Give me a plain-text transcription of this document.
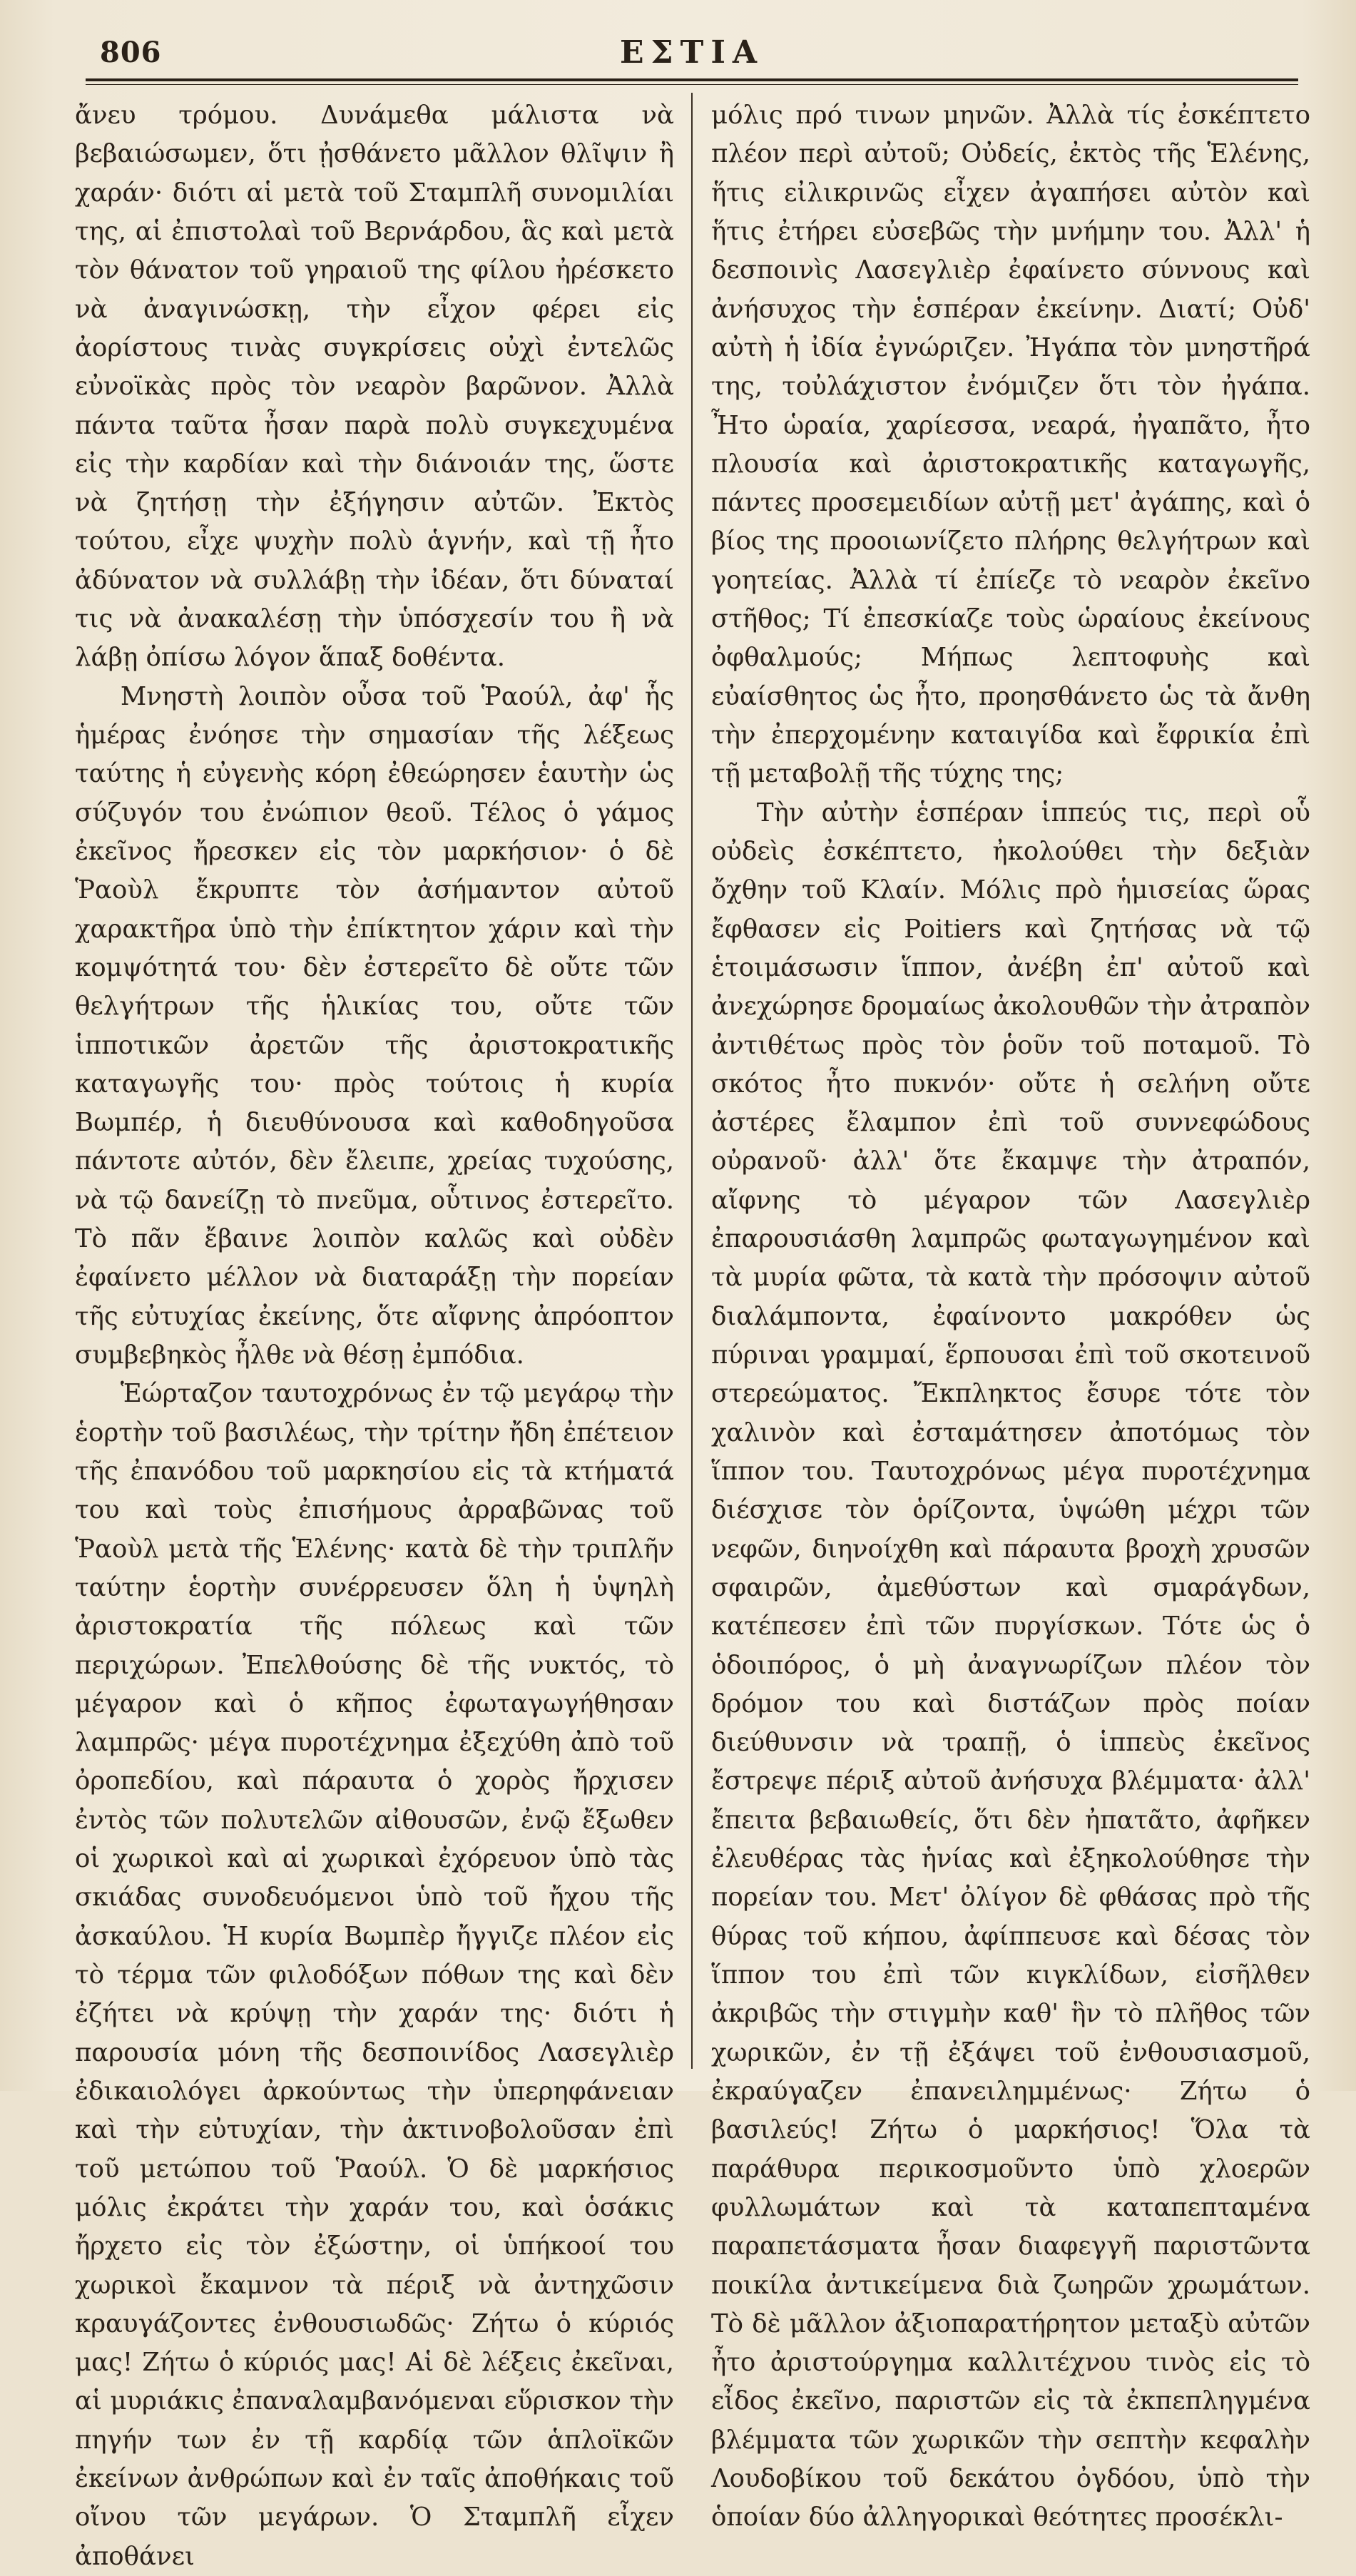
806	ΕΣΤΙΑ

ἄνευ τρόμου. Δυνάμεθα μάλιστα νὰ βεβαιώσωμεν, ὅτι ᾐσθάνετο μᾶλλον θλῖψιν ἢ χαράν· διότι αἱ μετὰ τοῦ Σταμπλῆ συνομιλίαι της, αἱ ἐπιστολαὶ τοῦ Βερνάρδου, ἃς καὶ μετὰ τὸν θάνατον τοῦ γηραιοῦ της φίλου ἠρέσκετο νὰ ἀναγινώσκῃ, τὴν εἶχον φέρει εἰς ἀορίστους τινὰς συγκρίσεις οὐχὶ ἐντελῶς εὐνοϊκὰς πρὸς τὸν νεαρὸν βαρῶνον. Ἀλλὰ πάντα ταῦτα ἦσαν παρὰ πολὺ συγκεχυμένα εἰς τὴν καρδίαν καὶ τὴν διάνοιάν της, ὥστε νὰ ζητήσῃ τὴν ἐξήγησιν αὐτῶν. Ἐκτὸς τούτου, εἶχε ψυχὴν πολὺ ἁγνήν, καὶ τῇ ἦτο ἀδύνατον νὰ συλλάβῃ τὴν ἰδέαν, ὅτι δύναταί τις νὰ ἀνακαλέσῃ τὴν ὑπόσχεσίν του ἢ νὰ λάβῃ ὀπίσω λόγον ἅπαξ δοθέντα.

Μνηστὴ λοιπὸν οὖσα τοῦ Ῥαούλ, ἀφ' ἧς ἡμέρας ἐνόησε τὴν σημασίαν τῆς λέξεως ταύτης ἡ εὐγενὴς κόρη ἐθεώρησεν ἑαυτὴν ὡς σύζυγόν του ἐνώπιον θεοῦ. Τέλος ὁ γάμος ἐκεῖνος ἤρεσκεν εἰς τὸν μαρκήσιον· ὁ δὲ Ῥαοὺλ ἔκρυπτε τὸν ἀσήμαντον αὐτοῦ χαρακτῆρα ὑπὸ τὴν ἐπίκτητον χάριν καὶ τὴν κομψότητά του· δὲν ἐστερεῖτο δὲ οὔτε τῶν θελγήτρων τῆς ἡλικίας του, οὔτε τῶν ἱπποτικῶν ἀρετῶν τῆς ἀριστοκρατικῆς καταγωγῆς του· πρὸς τούτοις ἡ κυρία Βωμπέρ, ἡ διευθύνουσα καὶ καθοδηγοῦσα πάντοτε αὐτόν, δὲν ἔλειπε, χρείας τυχούσης, νὰ τῷ δανείζῃ τὸ πνεῦμα, οὗτινος ἐστερεῖτο. Τὸ πᾶν ἔβαινε λοιπὸν καλῶς καὶ οὐδὲν ἐφαίνετο μέλλον νὰ διαταράξῃ τὴν πορείαν τῆς εὐτυχίας ἐκείνης, ὅτε αἴφνης ἀπρόοπτον συμβεβηκὸς ἦλθε νὰ θέσῃ ἐμπόδια.

Ἑώρταζον ταυτοχρόνως ἐν τῷ μεγάρῳ τὴν ἑορτὴν τοῦ βασιλέως, τὴν τρίτην ἤδη ἐπέτειον τῆς ἐπανόδου τοῦ μαρκησίου εἰς τὰ κτήματά του καὶ τοὺς ἐπισήμους ἀρραβῶνας τοῦ Ῥαοὺλ μετὰ τῆς Ἑλένης· κατὰ δὲ τὴν τριπλῆν ταύτην ἑορτὴν συνέρρευσεν ὅλη ἡ ὑψηλὴ ἀριστοκρατία τῆς πόλεως καὶ τῶν περιχώρων. Ἐπελθούσης δὲ τῆς νυκτός, τὸ μέγαρον καὶ ὁ κῆπος ἐφωταγωγήθησαν λαμπρῶς· μέγα πυροτέχνημα ἐξεχύθη ἀπὸ τοῦ ὀροπεδίου, καὶ πάραυτα ὁ χορὸς ἤρχισεν ἐντὸς τῶν πολυτελῶν αἰθουσῶν, ἐνῷ ἔξωθεν οἱ χωρικοὶ καὶ αἱ χωρικαὶ ἐχόρευον ὑπὸ τὰς σκιάδας συνοδευόμενοι ὑπὸ τοῦ ἤχου τῆς ἀσκαύλου. Ἡ κυρία Βωμπὲρ ἤγγιζε πλέον εἰς τὸ τέρμα τῶν φιλοδόξων πόθων της καὶ δὲν ἐζήτει νὰ κρύψῃ τὴν χαράν της· διότι ἡ παρουσία μόνη τῆς δεσποινίδος Λασεγλιὲρ ἐδικαιολόγει ἀρκούντως τὴν ὑπερηφάνειαν καὶ τὴν εὐτυχίαν, τὴν ἀκτινοβολοῦσαν ἐπὶ τοῦ μετώπου τοῦ Ῥαούλ. Ὁ δὲ μαρκήσιος μόλις ἐκράτει τὴν χαράν του, καὶ ὁσάκις ἤρχετο εἰς τὸν ἐξώστην, οἱ ὑπήκοοί του χωρικοὶ ἔκαμνον τὰ πέριξ νὰ ἀντηχῶσιν κραυγάζοντες ἐνθουσιωδῶς· Ζήτω ὁ κύριός μας! Ζήτω ὁ κύριός μας! Αἱ δὲ λέξεις ἐκεῖναι, αἱ μυριάκις ἐπαναλαμβανόμεναι εὕρισκον τὴν πηγήν των ἐν τῇ καρδίᾳ τῶν ἁπλοϊκῶν ἐκείνων ἀνθρώπων καὶ ἐν ταῖς ἀποθήκαις τοῦ οἴνου τῶν μεγάρων. Ὁ Σταμπλῆ εἶχεν ἀποθάνει

μόλις πρό τινων μηνῶν. Ἀλλὰ τίς ἐσκέπτετο πλέον περὶ αὐτοῦ; Οὐδείς, ἐκτὸς τῆς Ἑλένης, ἥτις εἰλικρινῶς εἶχεν ἀγαπήσει αὐτὸν καὶ ἥτις ἐτήρει εὐσεβῶς τὴν μνήμην του. Ἀλλ' ἡ δεσποινὶς Λασεγλιὲρ ἐφαίνετο σύννους καὶ ἀνήσυχος τὴν ἑσπέραν ἐκείνην. Διατί; Οὐδ' αὐτὴ ἡ ἰδία ἐγνώριζεν. Ἠγάπα τὸν μνηστῆρά της, τοὐλάχιστον ἐνόμιζεν ὅτι τὸν ἠγάπα. Ἦτο ὡραία, χαρίεσσα, νεαρά, ἠγαπᾶτο, ἦτο πλουσία καὶ ἀριστοκρατικῆς καταγωγῆς, πάντες προσεμειδίων αὐτῇ μετ' ἀγάπης, καὶ ὁ βίος της προοιωνίζετο πλήρης θελγήτρων καὶ γοητείας. Ἀλλὰ τί ἐπίεζε τὸ νεαρὸν ἐκεῖνο στῆθος; Τί ἐπεσκίαζε τοὺς ὡραίους ἐκείνους ὀφθαλμούς; Μήπως λεπτοφυὴς καὶ εὐαίσθητος ὡς ἦτο, προησθάνετο ὡς τὰ ἄνθη τὴν ἐπερχομένην καταιγίδα καὶ ἔφρικία ἐπὶ τῇ μεταβολῇ τῆς τύχης της;

Τὴν αὐτὴν ἑσπέραν ἱππεύς τις, περὶ οὗ οὐδεὶς ἐσκέπτετο, ἠκολούθει τὴν δεξιὰν ὄχθην τοῦ Κλαίν. Μόλις πρὸ ἡμισείας ὥρας ἔφθασεν εἰς Poitiers καὶ ζητήσας νὰ τῷ ἑτοιμάσωσιν ἵππον, ἀνέβη ἐπ' αὐτοῦ καὶ ἀνεχώρησε δρομαίως ἀκολουθῶν τὴν ἀτραπὸν ἀντιθέτως πρὸς τὸν ῥοῦν τοῦ ποταμοῦ. Τὸ σκότος ἦτο πυκνόν· οὔτε ἡ σελήνη οὔτε ἀστέρες ἔλαμπον ἐπὶ τοῦ συννεφώδους οὐρανοῦ· ἀλλ' ὅτε ἔκαμψε τὴν ἀτραπόν, αἴφνης τὸ μέγαρον τῶν Λασεγλιὲρ ἐπαρουσιάσθη λαμπρῶς φωταγωγημένον καὶ τὰ μυρία φῶτα, τὰ κατὰ τὴν πρόσοψιν αὐτοῦ διαλάμποντα, ἐφαίνοντο μακρόθεν ὡς πύριναι γραμμαί, ἕρπουσαι ἐπὶ τοῦ σκοτεινοῦ στερεώματος. Ἔκπληκτος ἔσυρε τότε τὸν χαλινὸν καὶ ἐσταμάτησεν ἀποτόμως τὸν ἵππον του. Ταυτοχρόνως μέγα πυροτέχνημα διέσχισε τὸν ὁρίζοντα, ὑψώθη μέχρι τῶν νεφῶν, διηνοίχθη καὶ πάραυτα βροχὴ χρυσῶν σφαιρῶν, ἀμεθύστων καὶ σμαράγδων, κατέπεσεν ἐπὶ τῶν πυργίσκων. Τότε ὡς ὁ ὁδοιπόρος, ὁ μὴ ἀναγνωρίζων πλέον τὸν δρόμον του καὶ διστάζων πρὸς ποίαν διεύθυνσιν νὰ τραπῇ, ὁ ἱππεὺς ἐκεῖνος ἔστρεψε πέριξ αὐτοῦ ἀνήσυχα βλέμματα· ἀλλ' ἔπειτα βεβαιωθείς, ὅτι δὲν ἠπατᾶτο, ἀφῆκεν ἐλευθέρας τὰς ἡνίας καὶ ἐξηκολούθησε τὴν πορείαν του. Μετ' ὀλίγον δὲ φθάσας πρὸ τῆς θύρας τοῦ κήπου, ἀφίππευσε καὶ δέσας τὸν ἵππον του ἐπὶ τῶν κιγκλίδων, εἰσῆλθεν ἀκριβῶς τὴν στιγμὴν καθ' ἣν τὸ πλῆθος τῶν χωρικῶν, ἐν τῇ ἐξάψει τοῦ ἐνθουσιασμοῦ, ἐκραύγαζεν ἐπανειλημμένως· Ζήτω ὁ βασιλεύς! Ζήτω ὁ μαρκήσιος! Ὅλα τὰ παράθυρα περικοσμοῦντο ὑπὸ χλοερῶν φυλλωμάτων καὶ τὰ καταπεπταμένα παραπετάσματα ἦσαν διαφεγγῆ παριστῶντα ποικίλα ἀντικείμενα διὰ ζωηρῶν χρωμάτων. Τὸ δὲ μᾶλλον ἀξιοπαρατήρητον μεταξὺ αὐτῶν ἦτο ἀριστούργημα καλλιτέχνου τινὸς εἰς τὸ εἶδος ἐκεῖνο, παριστῶν εἰς τὰ ἐκπεπληγμένα βλέμματα τῶν χωρικῶν τὴν σεπτὴν κεφαλὴν Λουδοβίκου τοῦ δεκάτου ὀγδόου, ὑπὸ τὴν ὁποίαν δύο ἀλληγορικαὶ θεότητες προσέκλι-
